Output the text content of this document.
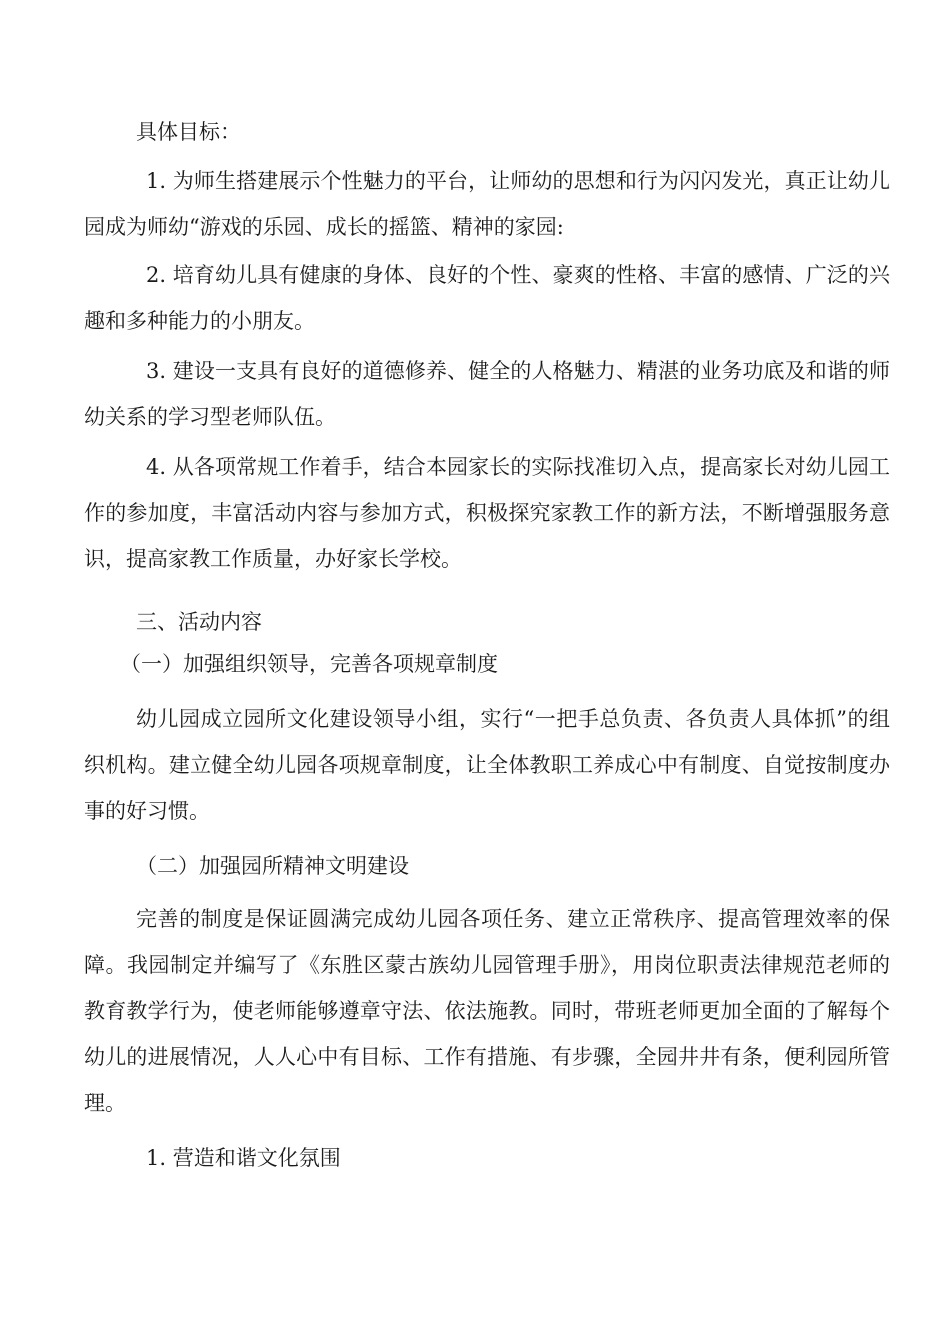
具体目标：

1. 为师生搭建展示个性魅力的平台，让师幼的思想和行为闪闪发光，真正让幼儿园成为师幼“游戏的乐园、成长的摇篮、精神的家园:

2. 培育幼儿具有健康的身体、良好的个性、豪爽的性格、丰富的感情、广泛的兴趣和多种能力的小朋友。

3. 建设一支具有良好的道德修养、健全的人格魅力、精湛的业务功底及和谐的师幼关系的学习型老师队伍。

4. 从各项常规工作着手，结合本园家长的实际找准切入点，提高家长对幼儿园工作的参加度，丰富活动内容与参加方式，积极探究家教工作的新方法，不断增强服务意识，提高家教工作质量，办好家长学校。

三、活动内容

（一）加强组织领导，完善各项规章制度

幼儿园成立园所文化建设领导小组，实行“一把手总负责、各负责人具体抓”的组织机构。建立健全幼儿园各项规章制度，让全体教职工养成心中有制度、自觉按制度办事的好习惯。

（二）加强园所精神文明建设

完善的制度是保证圆满完成幼儿园各项任务、建立正常秩序、提高管理效率的保障。我园制定并编写了《东胜区蒙古族幼儿园管理手册》，用岗位职责法律规范老师的教育教学行为，使老师能够遵章守法、依法施教。同时，带班老师更加全面的了解每个幼儿的进展情况，人人心中有目标、工作有措施、有步骤，全园井井有条，便利园所管理。

1. 营造和谐文化氛围
